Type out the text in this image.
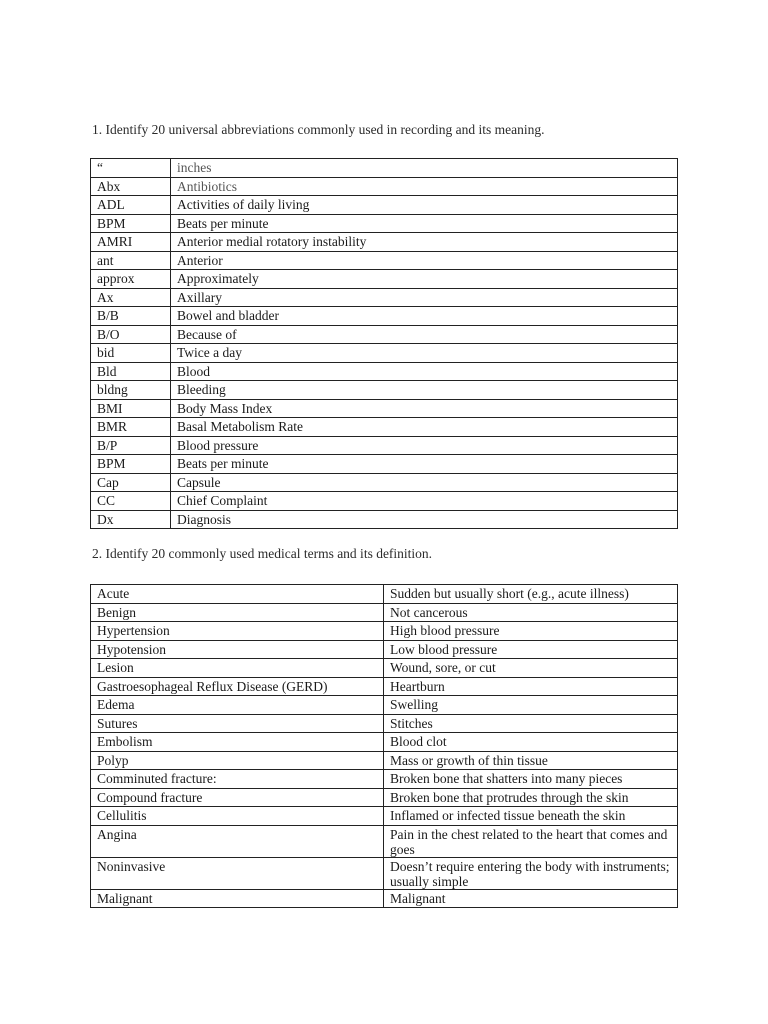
1. Identify 20 universal abbreviations commonly used in recording and its meaning.

“	inches
Abx	Antibiotics
ADL	Activities of daily living
BPM	Beats per minute
AMRI	Anterior medial rotatory instability
ant	Anterior
approx	Approximately
Ax	Axillary
B/B	Bowel and bladder
B/O	Because of
bid	Twice a day
Bld	Blood
bldng	Bleeding
BMI	Body Mass Index
BMR	Basal Metabolism Rate
B/P	Blood pressure
BPM	Beats per minute
Cap	Capsule
CC	Chief Complaint
Dx	Diagnosis

2. Identify 20 commonly used medical terms and its definition.

Acute	Sudden but usually short (e.g., acute illness)
Benign	Not cancerous
Hypertension	High blood pressure
Hypotension	Low blood pressure
Lesion	Wound, sore, or cut
Gastroesophageal Reflux Disease (GERD)	Heartburn
Edema	Swelling
Sutures	Stitches
Embolism	Blood clot
Polyp	Mass or growth of thin tissue
Comminuted fracture:	Broken bone that shatters into many pieces
Compound fracture	Broken bone that protrudes through the skin
Cellulitis	Inflamed or infected tissue beneath the skin
Angina	Pain in the chest related to the heart that comes and goes
Noninvasive	Doesn’t require entering the body with instruments; usually simple
Malignant	Malignant
